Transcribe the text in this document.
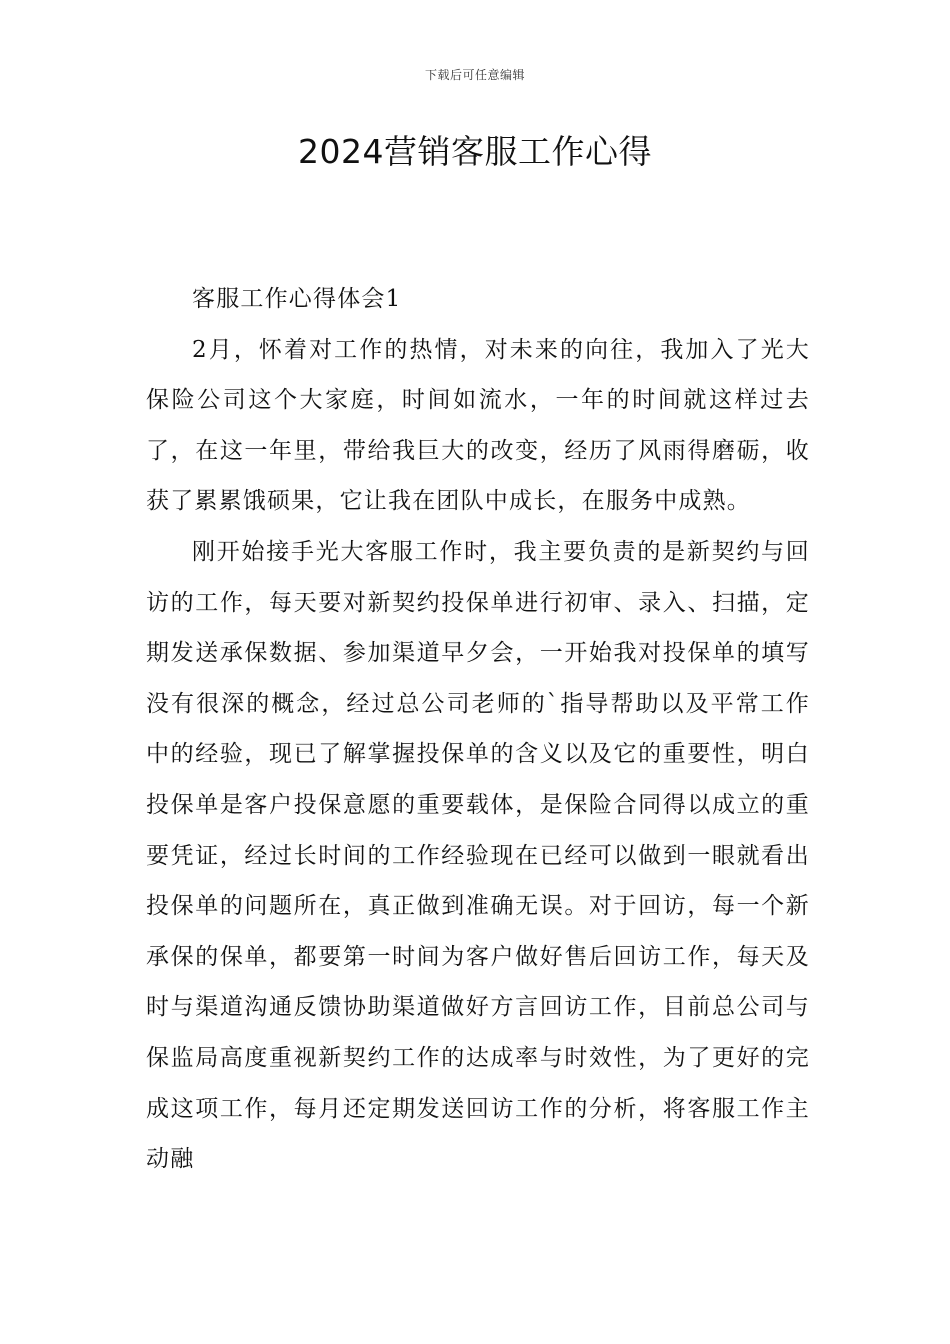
下载后可任意编辑
2024营销客服工作心得

客服工作心得体会1

2月，怀着对工作的热情，对未来的向往，我加入了光大保险公司这个大家庭，时间如流水，一年的时间就这样过去了，在这一年里，带给我巨大的改变，经历了风雨得磨砺，收获了累累饿硕果，它让我在团队中成长，在服务中成熟。

刚开始接手光大客服工作时，我主要负责的是新契约与回访的工作，每天要对新契约投保单进行初审、录入、扫描，定期发送承保数据、参加渠道早夕会，一开始我对投保单的填写没有很深的概念，经过总公司老师的`指导帮助以及平常工作中的经验，现已了解掌握投保单的含义以及它的重要性，明白投保单是客户投保意愿的重要载体，是保险合同得以成立的重要凭证，经过长时间的工作经验现在已经可以做到一眼就看出投保单的问题所在，真正做到准确无误。对于回访，每一个新承保的保单，都要第一时间为客户做好售后回访工作，每天及时与渠道沟通反馈协助渠道做好方言回访工作，目前总公司与保监局高度重视新契约工作的达成率与时效性，为了更好的完成这项工作，每月还定期发送回访工作的分析，将客服工作主动融
